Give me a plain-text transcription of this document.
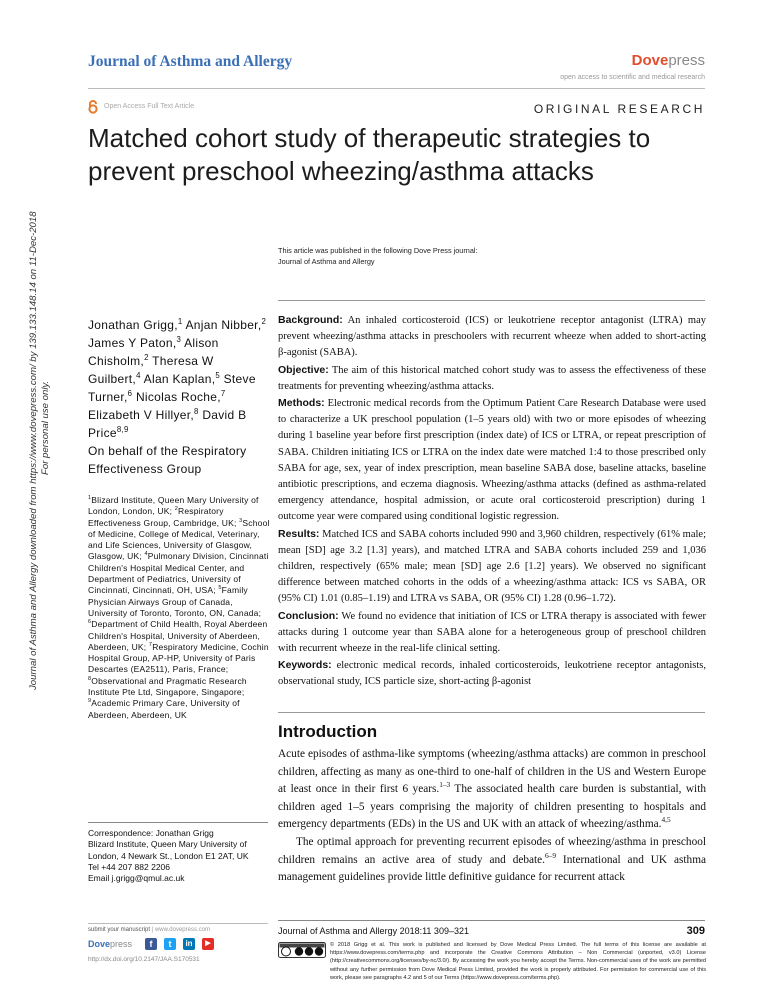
Journal of Asthma and Allergy	Dovepress
open access to scientific and medical research
Open Access Full Text Article	ORIGINAL RESEARCH
Matched cohort study of therapeutic strategies to prevent preschool wheezing/asthma attacks
Journal of Asthma and Allergy downloaded from https://www.dovepress.com/ by 139.133.148.14 on 11-Dec-2018 For personal use only.
This article was published in the following Dove Press journal:
Journal of Asthma and Allergy
Jonathan Grigg,$^1$ Anjan Nibber,$^2$ James Y Paton,$^3$ Alison Chisholm,$^2$ Theresa W Guilbert,$^4$ Alan Kaplan,$^5$ Steve Turner,$^6$ Nicolas Roche,$^7$ Elizabeth V Hillyer,$^8$ David B Price$^{8,9}$
On behalf of the Respiratory Effectiveness Group
$^1$Blizard Institute, Queen Mary University of London, London, UK; $^2$Respiratory Effectiveness Group, Cambridge, UK; $^3$School of Medicine, College of Medical, Veterinary, and Life Sciences, University of Glasgow, Glasgow, UK; $^4$Pulmonary Division, Cincinnati Children's Hospital Medical Center, and Department of Pediatrics, University of Cincinnati, Cincinnati, OH, USA; $^5$Family Physician Airways Group of Canada, University of Toronto, Toronto, ON, Canada; $^6$Department of Child Health, Royal Aberdeen Children's Hospital, University of Aberdeen, Aberdeen, UK; $^7$Respiratory Medicine, Cochin Hospital Group, AP-HP, University of Paris Descartes (EA2511), Paris, France; $^8$Observational and Pragmatic Research Institute Pte Ltd, Singapore, Singapore; $^9$Academic Primary Care, University of Aberdeen, Aberdeen, UK
Correspondence: Jonathan Grigg
Blizard Institute, Queen Mary University of London, 4 Newark St., London E1 2AT, UK
Tel +44 207 882 2206
Email j.grigg@qmul.ac.uk

Background: An inhaled corticosteroid (ICS) or leukotriene receptor antagonist (LTRA) may prevent wheezing/asthma attacks in preschoolers with recurrent wheeze when added to short-acting β-agonist (SABA).

Objective: The aim of this historical matched cohort study was to assess the effectiveness of these treatments for preventing wheezing/asthma attacks.

Methods: Electronic medical records from the Optimum Patient Care Research Database were used to characterize a UK preschool population (1–5 years old) with two or more episodes of wheezing during 1 baseline year before first prescription (index date) of ICS or LTRA, or repeat prescription of SABA. Children initiating ICS or LTRA on the index date were matched 1:4 to those prescribed only SABA for age, sex, year of index prescription, mean baseline SABA dose, baseline attacks, baseline antibiotic prescriptions, and eczema diagnosis. Wheezing/asthma attacks (defined as asthma-related emergency attendance, hospital admission, or acute oral corticosteroid prescription) during 1 outcome year were compared using conditional logistic regression.

Results: Matched ICS and SABA cohorts included 990 and 3,960 children, respectively (61% male; mean [SD] age 3.2 [1.3] years), and matched LTRA and SABA cohorts included 259 and 1,036 children, respectively (65% male; mean [SD] age 2.6 [1.2] years). We observed no significant difference between matched cohorts in the odds of a wheezing/asthma attack: ICS vs SABA, OR (95% CI) 1.01 (0.85–1.19) and LTRA vs SABA, OR (95% CI) 1.28 (0.96–1.72).

Conclusion: We found no evidence that initiation of ICS or LTRA therapy is associated with fewer attacks during 1 outcome year than SABA alone for a heterogeneous group of preschool children with recurrent wheeze in the real-life clinical setting.

Keywords: electronic medical records, inhaled corticosteroids, leukotriene receptor antagonists, observational study, ICS particle size, short-acting β-agonist

Introduction

Acute episodes of asthma-like symptoms (wheezing/asthma attacks) are common in preschool children, affecting as many as one-third to one-half of children in the US and Western Europe at least once in their first 6 years.$^{1-3}$ The associated health care burden is substantial, with children aged 1–5 years comprising the majority of children presenting to hospitals and emergency departments (EDs) in the US and UK with an attack of wheezing/asthma.$^{4,5}$

The optimal approach for preventing recurrent episodes of wheezing/asthma in preschool children remains an active area of study and debate.$^{6-9}$ International and UK asthma management guidelines provide little definitive guidance for recurrent attack

submit your manuscript | www.dovepress.com
Dovepress	f	t	in	▶
http://dx.doi.org/10.2147/JAA.S170531
Journal of Asthma and Allergy 2018:11 309–321	309
© 2018 Grigg et al. This work is published and licensed by Dove Medical Press Limited. The full terms of this license are available at https://www.dovepress.com/terms.php and incorporate the Creative Commons Attribution – Non Commercial (unported, v3.0) License (http://creativecommons.org/licenses/by-nc/3.0/). By accessing the work you hereby accept the Terms. Non-commercial uses of the work are permitted without any further permission from Dove Medical Press Limited, provided the work is properly attributed. For permission for commercial use of this work, please see paragraphs 4.2 and 5 of our Terms (https://www.dovepress.com/terms.php).
